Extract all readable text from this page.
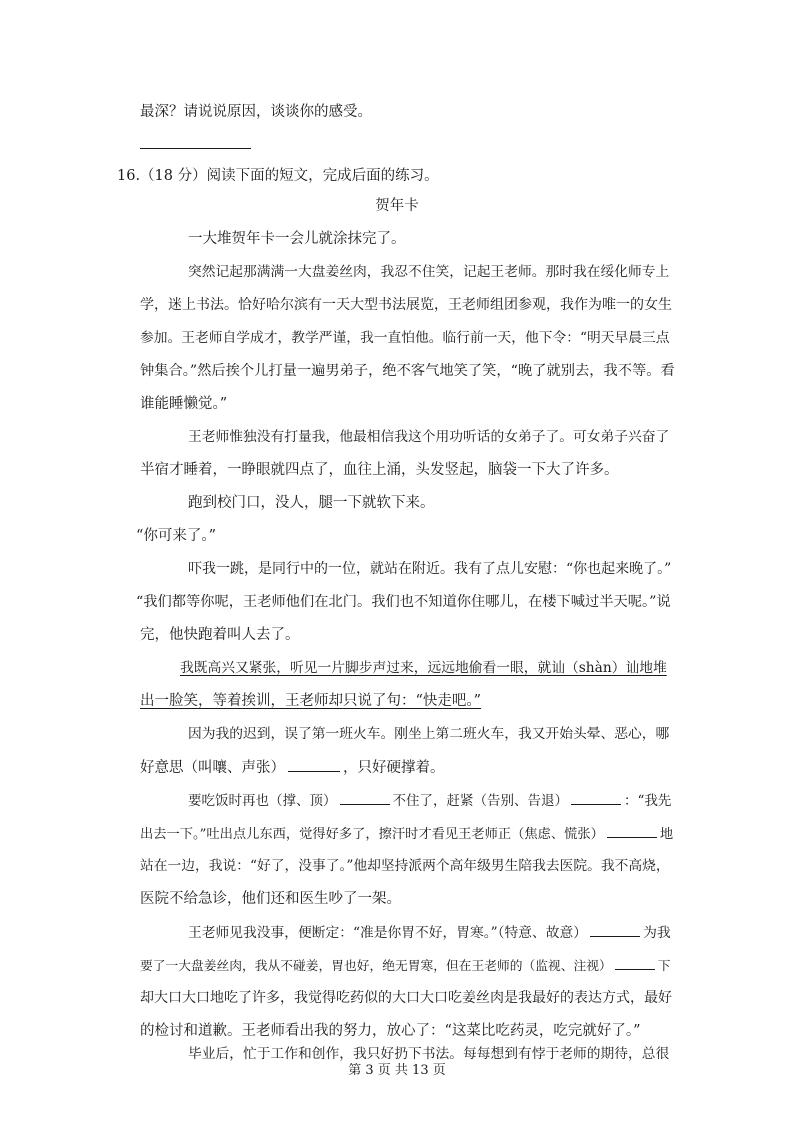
最深？请说说原因，谈谈你的感受。
16.（18 分）阅读下面的短文，完成后面的练习。
贺年卡
一大堆贺年卡一会儿就涂抹完了。
突然记起那满满一大盘姜丝肉，我忍不住笑，记起王老师。那时我在绥化师专上
学，迷上书法。恰好哈尔滨有一天大型书法展览，王老师组团参观，我作为唯一的女生
参加。王老师自学成才，教学严谨，我一直怕他。临行前一天，他下令：“明天早晨三点
钟集合。”然后挨个儿打量一遍男弟子，绝不客气地笑了笑，“晚了就别去，我不等。看
谁能睡懒觉。”
王老师惟独没有打量我，他最相信我这个用功听话的女弟子了。可女弟子兴奋了
半宿才睡着，一睁眼就四点了，血往上涌，头发竖起，脑袋一下大了许多。
跑到校门口，没人，腿一下就软下来。
“你可来了。”
吓我一跳，是同行中的一位，就站在附近。我有了点儿安慰：“你也起来晚了。”
“我们都等你呢，王老师他们在北门。我们也不知道你住哪儿，在楼下喊过半天呢。”说
完，他快跑着叫人去了。
我既高兴又紧张，听见一片脚步声过来，远远地偷看一眼，就讪（shàn）讪地堆
出一脸笑，等着挨训，王老师却只说了句：“快走吧。”
因为我的迟到，误了第一班火车。刚坐上第二班火车，我又开始头晕、恶心，哪
好意思（叫嚷、声张）	，只好硬撑着。
要吃饭时再也（撑、顶）	不住了，赶紧（告别、告退）	：“我先
出去一下。”吐出点儿东西，觉得好多了，擦汗时才看见王老师正（焦虑、慌张）	地
站在一边，我说：“好了，没事了。”他却坚持派两个高年级男生陪我去医院。我不高烧，
医院不给急诊，他们还和医生吵了一架。
王老师见我没事，便断定：“准是你胃不好，胃寒。”（特意、故意）	为我
要了一大盘姜丝肉，我从不碰姜，胃也好，绝无胃寒，但在王老师的（监视、注视）	下
却大口大口地吃了许多，我觉得吃药似的大口大口吃姜丝肉是我最好的表达方式，最好
的检讨和道歉。王老师看出我的努力，放心了：“这菜比吃药灵，吃完就好了。”
毕业后，忙于工作和创作，我只好扔下书法。每每想到有悖于老师的期待，总很
第 3 页 共 13 页
